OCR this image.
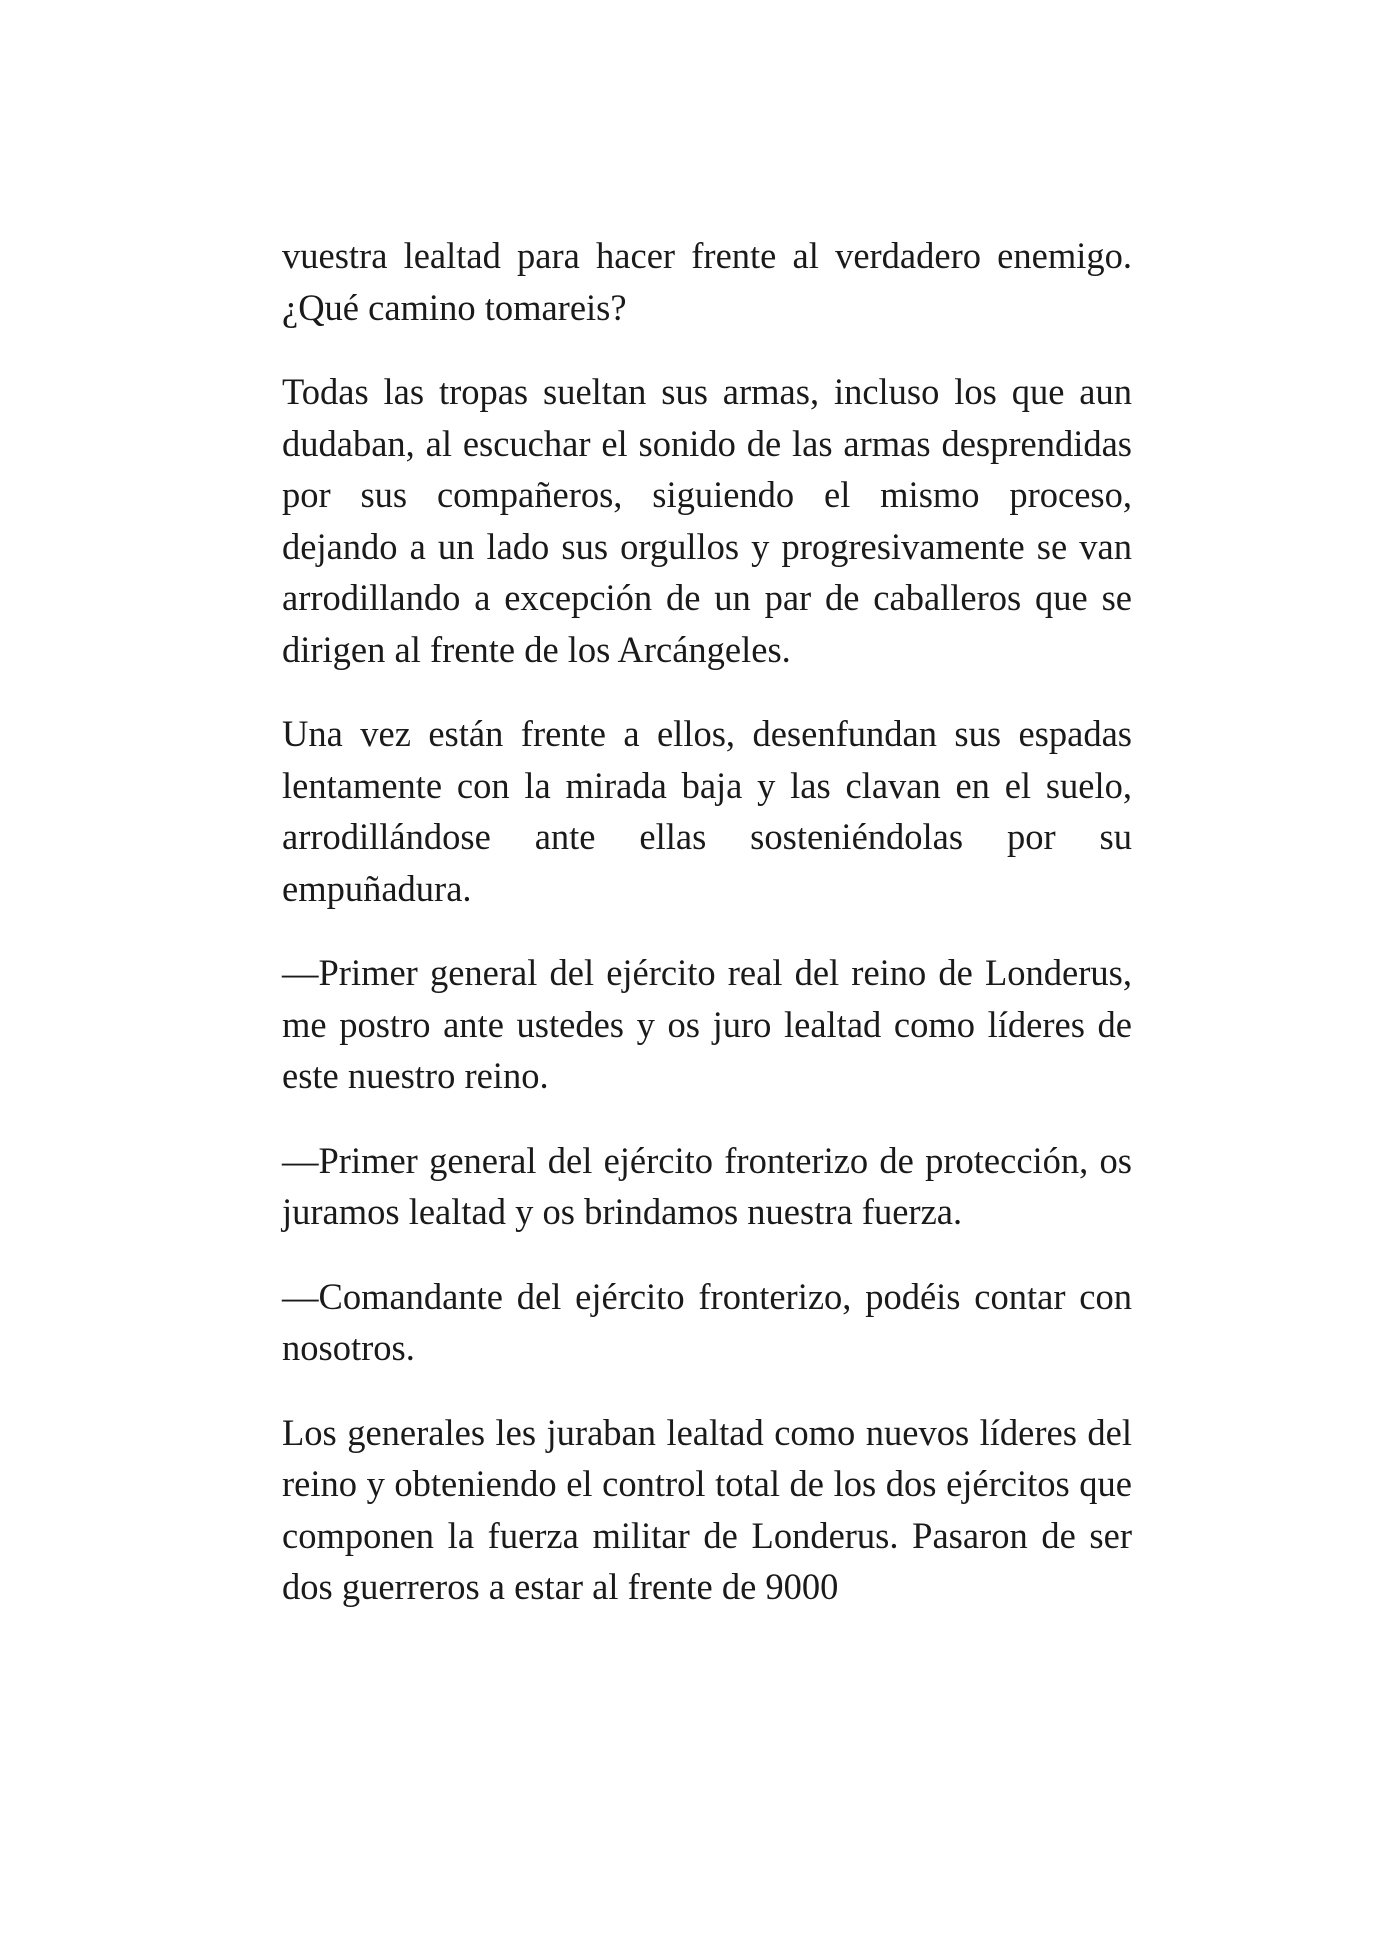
vuestra lealtad para hacer frente al verdadero enemigo. ¿Qué camino tomareis?

Todas las tropas sueltan sus armas, incluso los que aun dudaban, al escuchar el sonido de las armas desprendidas por sus compañeros, siguiendo el mismo proceso, dejando a un lado sus orgullos y progresivamente se van arrodillando a excepción de un par de caballeros que se dirigen al frente de los Arcángeles.

Una vez están frente a ellos, desenfundan sus espadas lentamente con la mirada baja y las clavan en el suelo, arrodillándose ante ellas sosteniéndolas por su empuñadura.

—Primer general del ejército real del reino de Londerus, me postro ante ustedes y os juro lealtad como líderes de este nuestro reino.

—Primer general del ejército fronterizo de protección, os juramos lealtad y os brindamos nuestra fuerza.

—Comandante del ejército fronterizo, podéis contar con nosotros.

Los generales les juraban lealtad como nuevos líderes del reino y obteniendo el control total de los dos ejércitos que componen la fuerza militar de Londerus. Pasaron de ser dos guerreros a estar al frente de 9000
